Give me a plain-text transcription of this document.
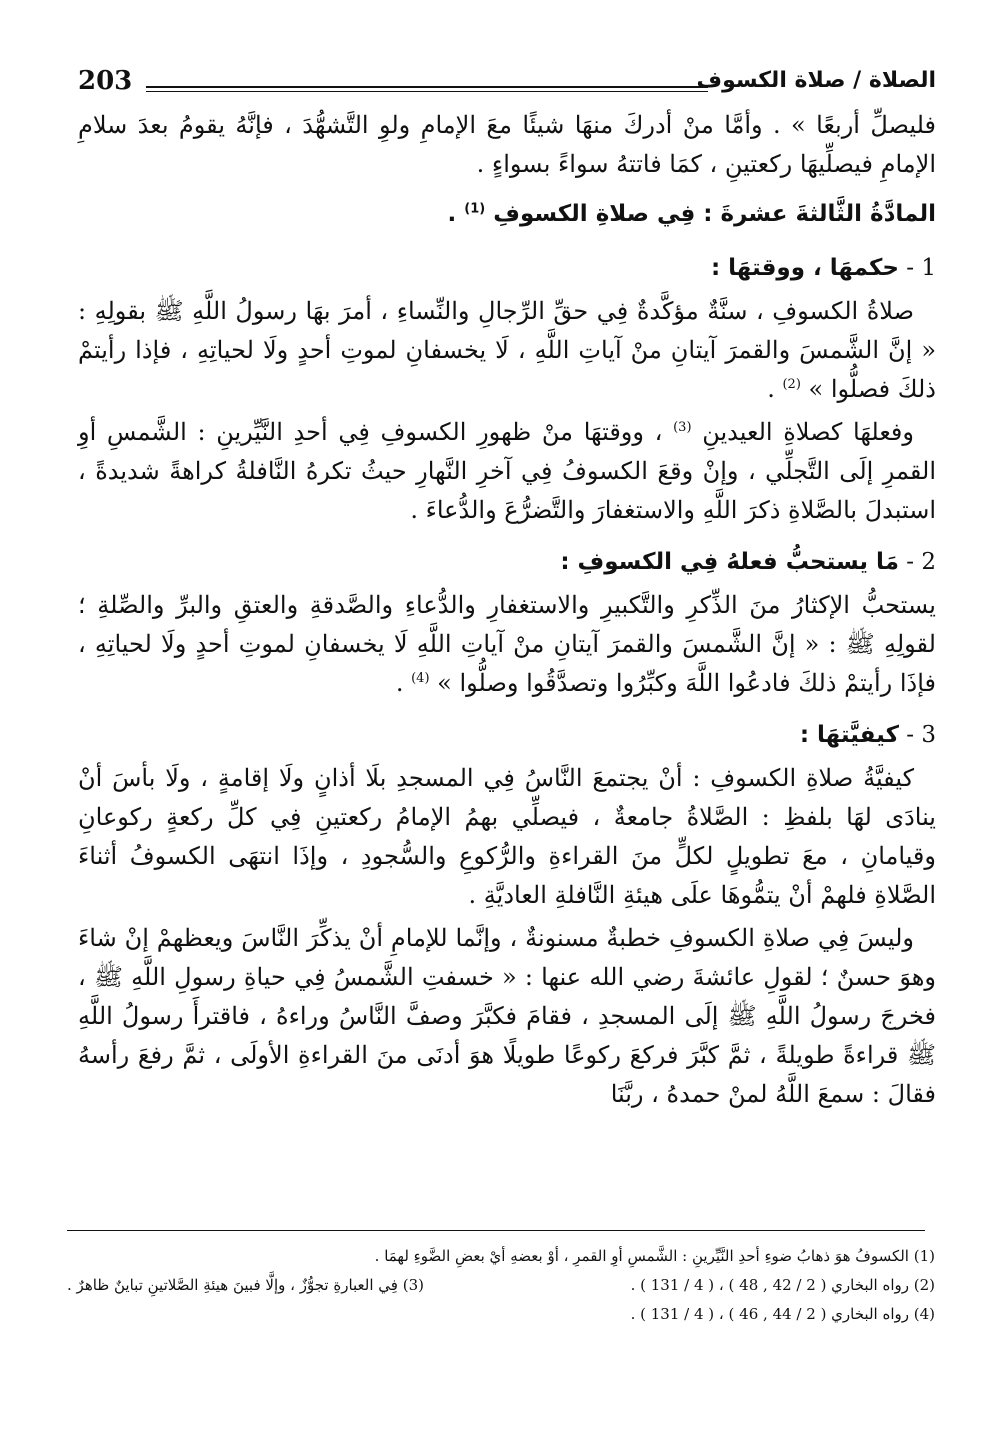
الصلاة / صلاة الكسوف
203

فليصلِّ أربعًا » . وأمَّا منْ أدركَ منهَا شيئًا معَ الإمامِ ولوِ التَّشهُّدَ ، فإنَّهُ يقومُ بعدَ سلامِ الإمامِ فيصلِّيهَا ركعتينِ ، كمَا فاتتهُ سواءً بسواءٍ .

المادَّةُ الثَّالثةَ عشرةَ : فِي صلاةِ الكسوفِ $^{(1)}$ .
1 - حكمهَا ، ووقتهَا :

صلاةُ الكسوفِ ، سنَّةٌ مؤكَّدةٌ فِي حقِّ الرِّجالِ والنِّساءِ ، أمرَ بهَا رسولُ اللَّهِ ﷺ بقولِهِ : « إنَّ الشَّمسَ والقمرَ آيتانِ منْ آياتِ اللَّهِ ، لَا يخسفانِ لموتِ أحدٍ ولَا لحياتِهِ ، فإذا رأيتمْ ذلكَ فصلُّوا » $^{(2)}$ .

وفعلهَا كصلاةِ العيدينِ $^{(3)}$ ، ووقتهَا منْ ظهورِ الكسوفِ فِي أحدِ النَّيِّرينِ : الشَّمسِ أوِ القمرِ إلَى التَّجلِّي ، وإنْ وقعَ الكسوفُ فِي آخرِ النَّهارِ حيثُ تكرهُ النَّافلةُ كراهةً شديدةً ، استبدلَ بالصَّلاةِ ذكرَ اللَّهِ والاستغفارَ والتَّضرُّعَ والدُّعاءَ .

2 - مَا يستحبُّ فعلهُ فِي الكسوفِ :

يستحبُّ الإكثارُ منَ الذِّكرِ والتَّكبيرِ والاستغفارِ والدُّعاءِ والصَّدقةِ والعتقِ والبرِّ والصِّلةِ ؛ لقولِهِ ﷺ : « إنَّ الشَّمسَ والقمرَ آيتانِ منْ آياتِ اللَّهِ لَا يخسفانِ لموتِ أحدٍ ولَا لحياتِهِ ، فإذَا رأيتمْ ذلكَ فادعُوا اللَّهَ وكبِّرُوا وتصدَّقُوا وصلُّوا » $^{(4)}$ .

3 - كيفيَّتهَا :

كيفيَّةُ صلاةِ الكسوفِ : أنْ يجتمعَ النَّاسُ فِي المسجدِ بلَا أذانٍ ولَا إقامةٍ ، ولَا بأسَ أنْ ينادَى لهَا بلفظِ : الصَّلاةُ جامعةٌ ، فيصلِّي بهمُ الإمامُ ركعتينِ فِي كلِّ ركعةٍ ركوعانِ وقيامانِ ، معَ تطويلٍ لكلٍّ منَ القراءةِ والرُّكوعِ والسُّجودِ ، وإذَا انتهَى الكسوفُ أثناءَ الصَّلاةِ فلهمْ أنْ يتمُّوهَا علَى هيئةِ النَّافلةِ العاديَّةِ .

وليسَ فِي صلاةِ الكسوفِ خطبةٌ مسنونةٌ ، وإنَّما للإمامِ أنْ يذكِّرَ النَّاسَ ويعظهمْ إنْ شاءَ وهوَ حسنٌ ؛ لقولِ عائشةَ رضي الله عنها : « خسفتِ الشَّمسُ فِي حياةِ رسولِ اللَّهِ ﷺ ، فخرجَ رسولُ اللَّهِ ﷺ إلَى المسجدِ ، فقامَ فكبَّرَ وصفَّ النَّاسُ وراءهُ ، فاقترأَ رسولُ اللَّهِ ﷺ قراءةً طويلةً ، ثمَّ كبَّرَ فركعَ ركوعًا طويلًا هوَ أدنَى منَ القراءةِ الأولَى ، ثمَّ رفعَ رأسهُ فقالَ : سمعَ اللَّهُ لمنْ حمدهُ ، ربَّنَا

(1) الكسوفُ هوَ ذهابُ ضوءِ أحدِ النَّيِّرينِ : الشَّمسِ أوِ القمرِ ، أوْ بعضهِ أيْ بعضِ الضَّوءِ لهمَا .
(2) رواه البخاري ( 2 / 42 , 48 ) ، ( 4 / 131 ) .
(3) فِي العبارةِ تجوُّزٌ ، وإلَّا فبينَ هيئةِ الصَّلاتينِ تباينٌ ظاهرٌ .
(4) رواه البخاري ( 2 / 44 , 46 ) ، ( 4 / 131 ) .
